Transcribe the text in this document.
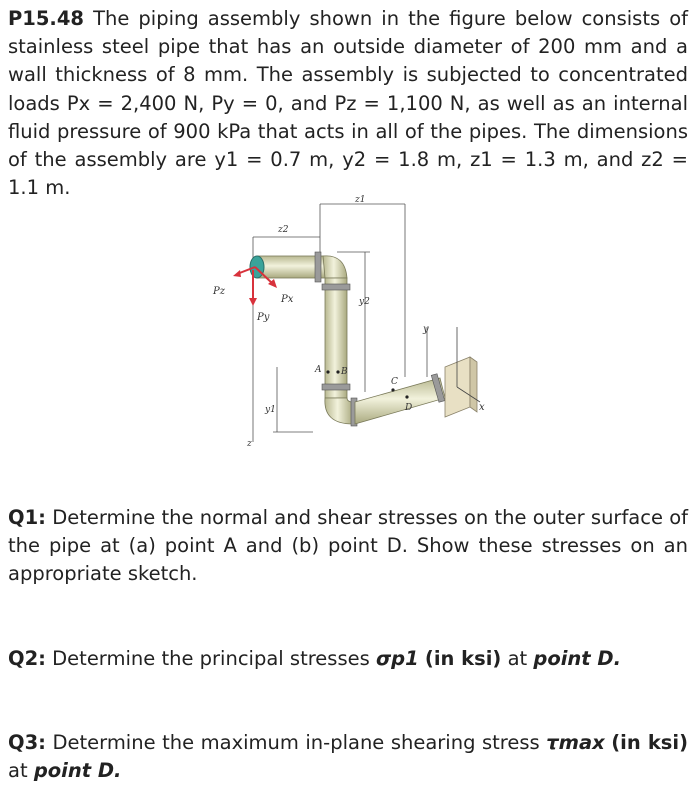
P15.48 The piping assembly shown in the figure below consists of stainless steel pipe that has an outside diameter of 200 mm and a wall thickness of 8 mm. The assembly is subjected to concentrated loads Px = 2,400 N, Py = 0, and Pz = 1,100 N, as well as an internal fluid pressure of 900 kPa that acts in all of the pipes. The dimensions of the assembly are y1 = 0.7 m, y2 = 1.8 m, z1 = 1.3 m, and z2 = 1.1 m.
z2
z1
Pz
Px
Py
y2
y
A B
C
y1	D	x
z
Q1: Determine the normal and shear stresses on the outer surface of the pipe at (a) point A and (b) point D. Show these stresses on an appropriate sketch.
Q2: Determine the principal stresses σp1 (in ksi) at point D.
Q3: Determine the maximum in-plane shearing stress τmax (in ksi) at point D.
